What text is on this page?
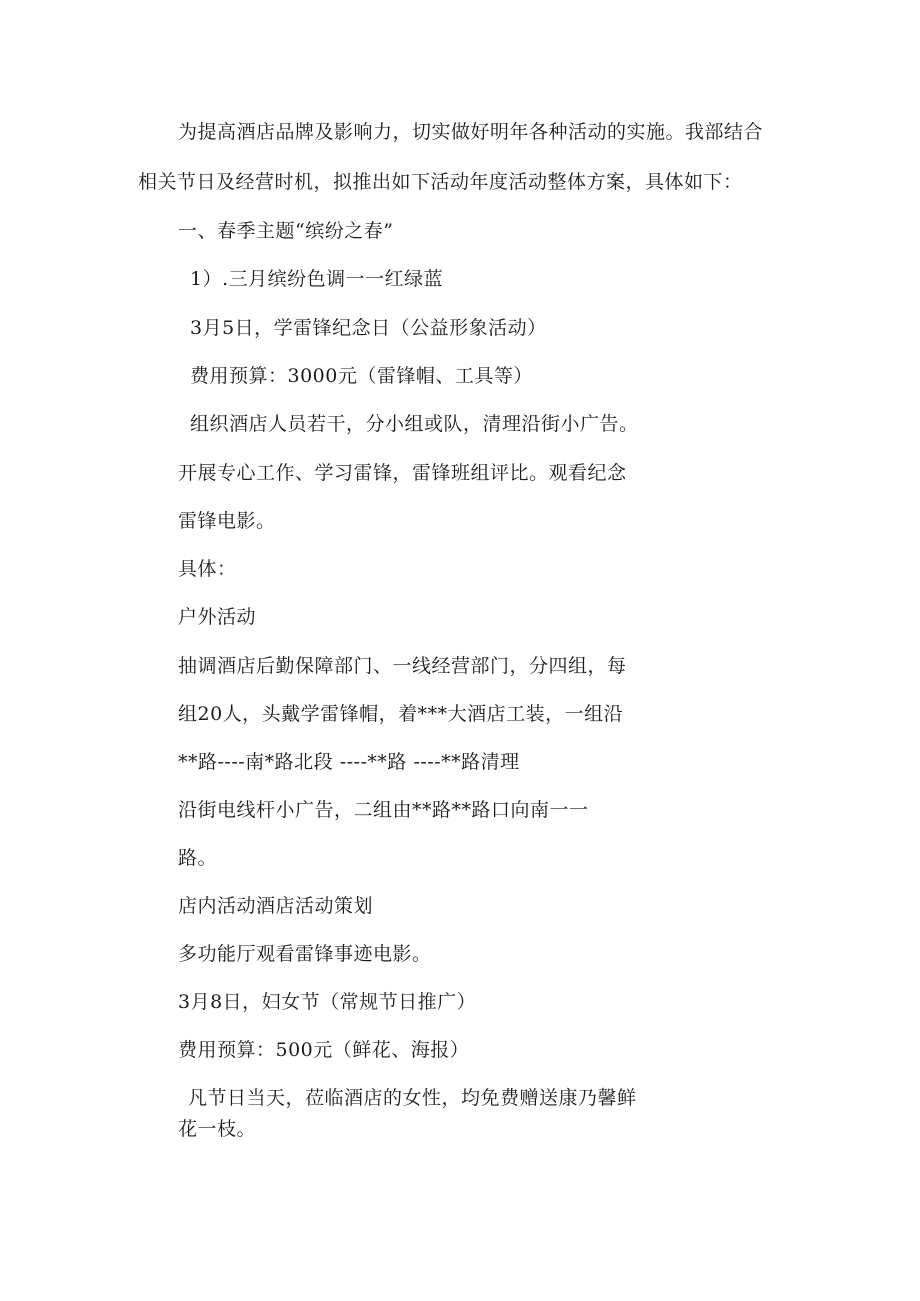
为提高酒店品牌及影响力，切实做好明年各种活动的实施。我部结合
相关节日及经营时机，拟推出如下活动年度活动整体方案，具体如下：
一、春季主题“缤纷之春”
1）.三月缤纷色调一一红绿蓝
3月5日，学雷锋纪念日（公益形象活动）
费用预算：3000元（雷锋帽、工具等）
组织酒店人员若干，分小组或队，清理沿街小广告。
开展专心工作、学习雷锋，雷锋班组评比。观看纪念
雷锋电影。
具体：
户外活动
抽调酒店后勤保障部门、一线经营部门，分四组，每
组20人，头戴学雷锋帽，着***大酒店工装，一组沿
**路----南*路北段 ----**路 ----**路清理
沿街电线杆小广告，二组由**路**路口向南一一
路。
店内活动酒店活动策划
多功能厅观看雷锋事迹电影。
3月8日，妇女节（常规节日推广）
费用预算：500元（鲜花、海报）
凡节日当天，莅临酒店的女性，均免费赠送康乃馨鲜
花一枝。
